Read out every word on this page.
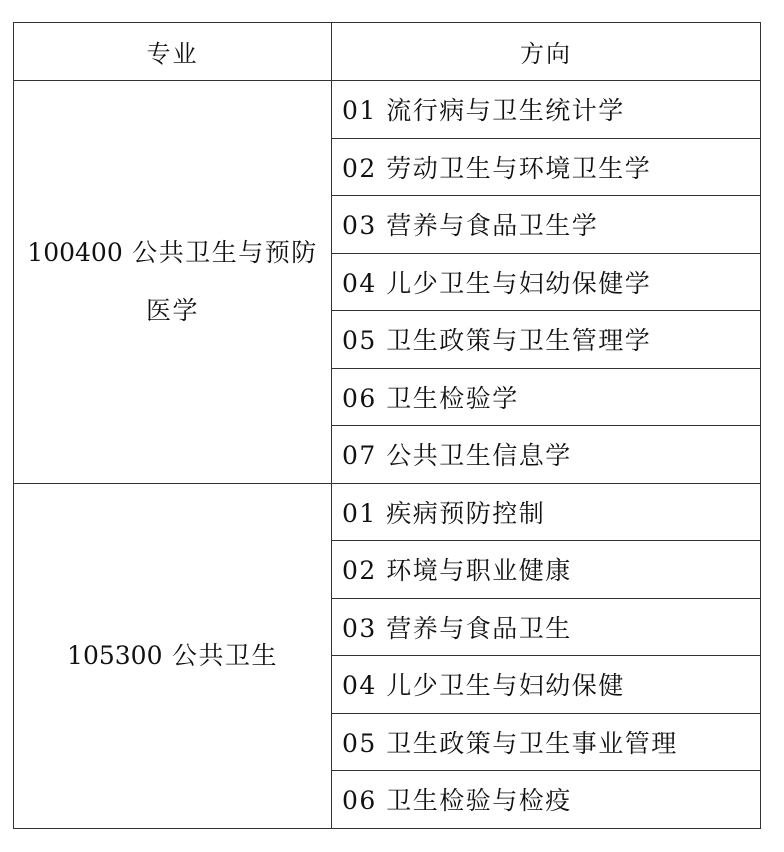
专业	方向
100400 公共卫生与预防医学	01 流行病与卫生统计学
	02 劳动卫生与环境卫生学
	03 营养与食品卫生学
	04 儿少卫生与妇幼保健学
	05 卫生政策与卫生管理学
	06 卫生检验学
	07 公共卫生信息学
105300 公共卫生	01 疾病预防控制
	02 环境与职业健康
	03 营养与食品卫生
	04 儿少卫生与妇幼保健
	05 卫生政策与卫生事业管理
	06 卫生检验与检疫
